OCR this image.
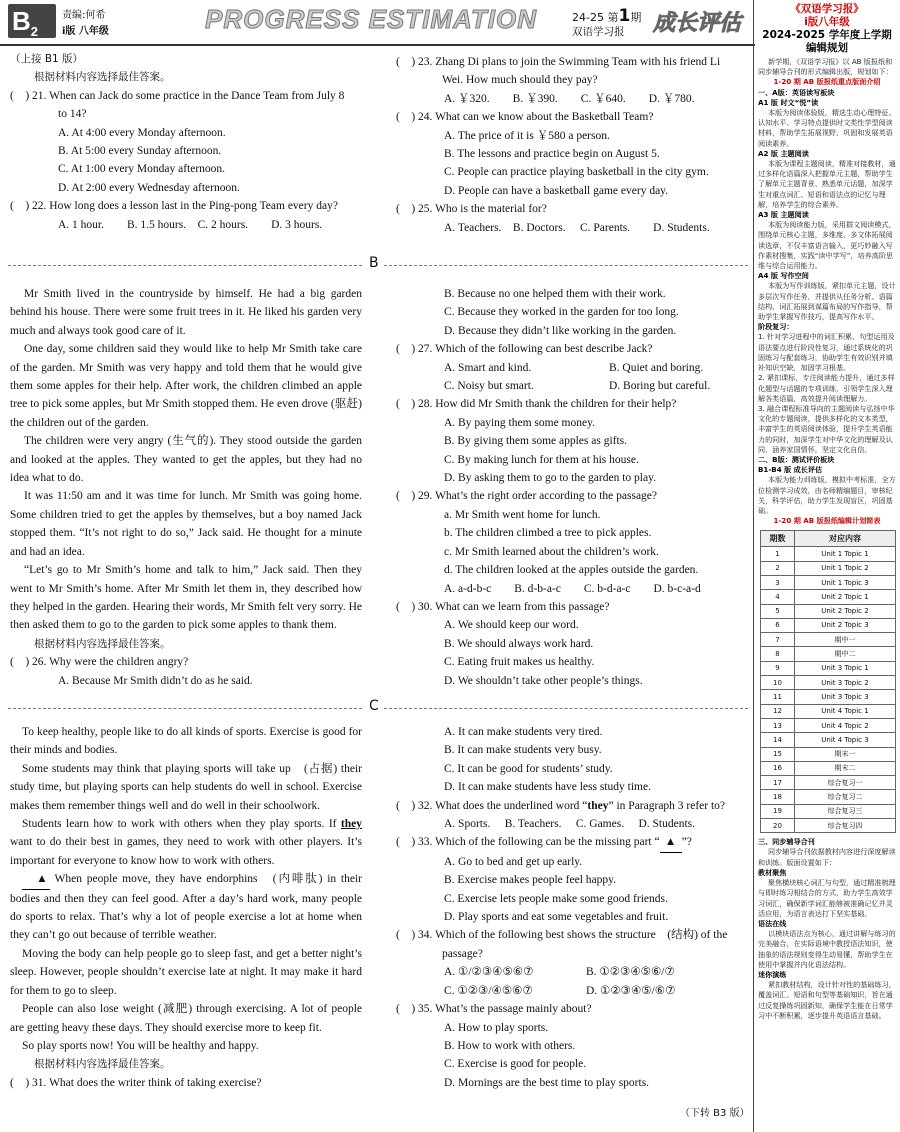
$B_2$
责编:何希
i版 八年级	PROGRESS ESTIMATION	24-25 第1期
双语学习报 成长评估
（上接 B1 版）
根据材料内容选择最佳答案。
(　) 21. When can Jack do some practice in the Dance Team from July 8
to 14?
A. At 4:00 every Monday afternoon.
B. At 5:00 every Sunday afternoon.
C. At 1:00 every Monday afternoon.
D. At 2:00 every Wednesday afternoon.
(　) 22. How long does a lesson last in the Ping-pong Team every day?
A. 1 hour.　　B. 1.5 hours.　C. 2 hours.　　D. 3 hours.
(　) 23. Zhang Di plans to join the Swimming Team with his friend Li
Wei. How much should they pay?
A. ￥320.　　B. ￥390.　　C. ￥640.　　D. ￥780.
(　) 24. What can we know about the Basketball Team?
A. The price of it is ￥580 a person.
B. The lessons and practice begin on August 5.
C. People can practice playing basketball in the city gym.
D. People can have a basketball game every day.
(　) 25. Who is the material for?
A. Teachers.　B. Doctors.　 C. Parents.　　D. Students.
B
Mr Smith lived in the countryside by himself. He had a big garden behind his house. There were some fruit trees in it. He liked his garden very much and always took good care of it.
One day, some children said they would like to help Mr Smith take care of the garden. Mr Smith was very happy and told them that he would give them some apples for their help. After work, the children climbed an apple tree to pick some apples, but Mr Smith stopped them. He even drove (驱赶) the children out of the garden.
The children were very angry (生气的). They stood outside the garden and looked at the apples. They wanted to get the apples, but they had no idea what to do.
It was 11:50 am and it was time for lunch. Mr Smith was going home. Some children tried to get the apples by themselves, but a boy named Jack stopped them. “It’s not right to do so,” Jack said. He thought for a minute and had an idea.
“Let’s go to Mr Smith’s home and talk to him,” Jack said. Then they went to Mr Smith’s home. After Mr Smith let them in, they described how they helped in the garden. Hearing their words, Mr Smith felt very sorry. He then asked them to go to the garden to pick some apples to thank them.
根据材料内容选择最佳答案。
(　) 26. Why were the children angry?
A. Because Mr Smith didn’t do as he said.
B. Because no one helped them with their work.
C. Because they worked in the garden for too long.
D. Because they didn’t like working in the garden.
(　) 27. Which of the following can best describe Jack?
A. Smart and kind.	B. Quiet and boring.
C. Noisy but smart.	D. Boring but careful.
(　) 28. How did Mr Smith thank the children for their help?
A. By paying them some money.
B. By giving them some apples as gifts.
C. By making lunch for them at his house.
D. By asking them to go to the garden to play.
(　) 29. What’s the right order according to the passage?
a. Mr Smith went home for lunch.
b. The children climbed a tree to pick apples.
c. Mr Smith learned about the children’s work.
d. The children looked at the apples outside the garden.
A. a-d-b-c　　B. d-b-a-c　　C. b-d-a-c　　D. b-c-a-d
(　) 30. What can we learn from this passage?
A. We should keep our word.
B. We should always work hard.
C. Eating fruit makes us healthy.
D. We shouldn’t take other people’s things.
C
To keep healthy, people like to do all kinds of sports. Exercise is good for their minds and bodies.
Some students may think that playing sports will take up　(占据) their study time, but playing sports can help students do well in school. Exercise makes them remember things well and do well in their schoolwork.
Students learn how to work with others when they play sports. If they want to do their best in games, they need to work with other players. It’s important for everyone to know how to work with others.
▲ When people move, they have endorphins　(内啡肽) in their bodies and then they can feel good. After a day’s hard work, many people do sports to relax. That’s why a lot of people exercise a lot at home when they can’t go out because of terrible weather.
Moving the body can help people go to sleep fast, and get a better night’s sleep. However, people shouldn’t exercise late at night. It may make it hard for them to go to sleep.
People can also lose weight (减肥) through exercising. A lot of people are getting heavy these days. They should exercise more to keep fit.
So play sports now! You will be healthy and happy.
根据材料内容选择最佳答案。
(　) 31. What does the writer think of taking exercise?
A. It can make students very tired.
B. It can make students very busy.
C. It can be good for students’ study.
D. It can make students have less study time.
(　) 32. What does the underlined word “they” in Paragraph 3 refer to?
A. Sports.　 B. Teachers.　 C. Games.　 D. Students.
(　) 33. Which of the following can be the missing part “ ▲ ”?
A. Go to bed and get up early.
B. Exercise makes people feel happy.
C. Exercise lets people make some good friends.
D. Play sports and eat some vegetables and fruit.
(　) 34. Which of the following best shows the structure　(结构) of the
passage?
A. ①/②③④⑤⑥⑦	B. ①②③④⑤⑥/⑦
C. ①②③/④⑤⑥⑦	D. ①②③④⑤/⑥⑦
(　) 35. What’s the passage mainly about?
A. How to play sports.
B. How to work with others.
C. Exercise is good for people.
D. Mornings are the best time to play sports.
（下转 B3 版）
《双语学习报》
i版八年级
2024-2025 学年度上学期
编辑规划
新学期，《双语学习报》以 AB 版报纸和同步辅导合刊的形式编辑出版，规划如下：
1-20 期 AB 版报纸重点版面介绍
一、A版：英语读写板块
A1 版 时文“悦”读
本版为阅读体验版，精选生动心理特征、认知水平、学习特点提供时文类性学型阅读材料，帮助学生拓展视野、巩固和发展英语阅读素养。
A2 版 主题阅读
本版为课程主题阅读，精准对接教材，通过多样化语篇深入把握单元主题，帮助学生了解单元主题背景、熟悉单元话题，加深学生对重点词汇、短语和语法点的记忆与理解，培养学生的综合素养。
A3 版 主题阅读
本版为阅读能力版，采用群文阅读模式，围绕单元核心主题，多维度、多文体拓展阅读选章，不仅丰富语言输入，更巧妙融入写作素材搜集，实践“读中学写”，培养高阶思维与综合运用能力。
A4 版 写作空间
本版为写作训练版，紧扣单元主题，设计多层次写作任务，并提供从任务分析、语篇结构、词汇拓展到谋篇布局的写作指导，帮助学生掌握写作技巧，提高写作水平。
阶段复习：
1. 针对学习进程中的词汇积累、句型运用及语法要点进行阶段性复习，通过系统化的巩固练习与配套练习，协助学生有效识别并填补知识空缺，加固学习根基。
2. 紧扣课标，专注阅读能力提升，通过多样化题型与话题的专项训练，引领学生深入理解各类语篇，高效提升阅读理解力。
3. 融合课程标准导向的主题阅读与弘扬中华文化的专题阅读，提供多样化的文本类型，丰富学生的英语阅读体验，提升学生英语能力的同时，加深学生对中华文化的理解及认同，涵养家国情怀，坚定文化自信。
二、B版：测试评价板块
B1-B4 版 成长评估
本版为能力训练版，模拟中考标准，全方位检测学习成效，由名师精编题目，审核纪关，科学评估，助力学生发现盲区，巩固基础。
1-20 期 AB 版报纸编辑计划简表
期数	对应内容
1	Unit 1 Topic 1
2	Unit 1 Topic 2
3	Unit 1 Topic 3
4	Unit 2 Topic 1
5	Unit 2 Topic 2
6	Unit 2 Topic 3
7	期中一
8	期中二
9	Unit 3 Topic 1
10	Unit 3 Topic 2
11	Unit 3 Topic 3
12	Unit 4 Topic 1
13	Unit 4 Topic 2
14	Unit 4 Topic 3
15	期末一
16	期末二
17	综合复习一
18	综合复习二
19	综合复习三
20	综合复习四
三、同步辅导合刊
同步辅导合刊依据教材内容进行深度解读和训练。版面设置如下：
教材聚焦
聚焦横块核心词汇与句型，通过精准梳理与即时练习相结合的方式，助力学生高效学习词汇，确保新学词汇能够被准确记忆并灵活应用，为语言表达打下坚实基础。
语法在线
以模块语法点为核心，通过讲解与练习的完美融合，在实际语境中教授语法知识，使抽象的语法规则变得生动易懂，帮助学生在使用中掌握并内化语法结构。
迷你演练
紧扣教材结构，设计针对性的基础练习，覆盖词汇、短语和句型等基础知识，旨在通过反复操练巩固新知，确保学生能在日常学习中不断积累，逐步提升英语语言基础。
